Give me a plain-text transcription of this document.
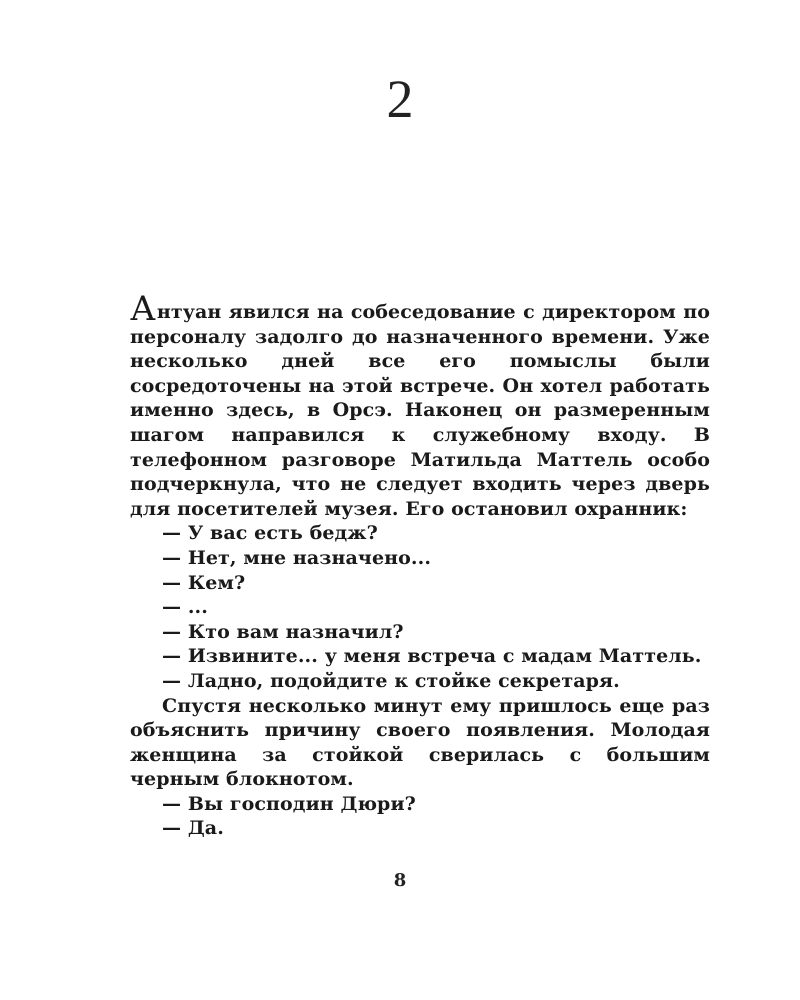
2

Антуан явился на собеседование с директором по персоналу задолго до назначенного времени. Уже несколько дней все его помыслы были сосредоточены на этой встрече. Он хотел работать именно здесь, в Орсэ. Наконец он размеренным шагом направился к служебному входу. В телефонном разговоре Матильда Маттель особо подчеркнула, что не следует входить через дверь для посетителей музея. Его остановил охранник:

— У вас есть бедж?

— Нет, мне назначено...

— Кем?

— ...

— Кто вам назначил?

— Извините... у меня встреча с мадам Маттель.

— Ладно, подойдите к стойке секретаря.

Спустя несколько минут ему пришлось еще раз объяснить причину своего появления. Молодая женщина за стойкой сверилась с большим черным блокнотом.

— Вы господин Дюри?

— Да.

8
